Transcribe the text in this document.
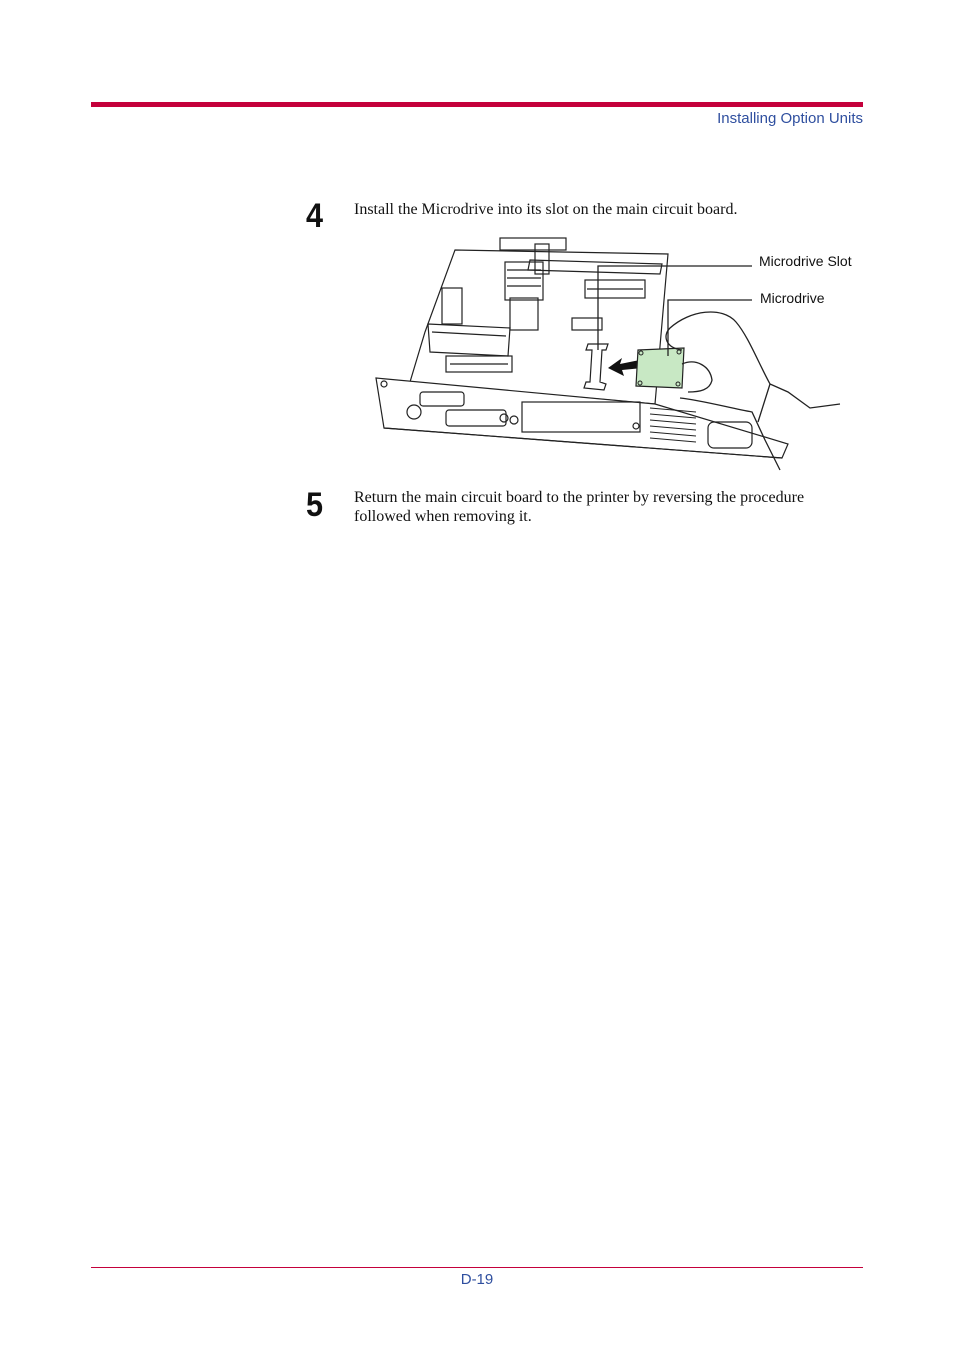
Installing Option Units
4 Install the Microdrive into its slot on the main circuit board.
Microdrive Slot
Microdrive
5 Return the main circuit board to the printer by reversing the procedure followed when removing it.
D-19
